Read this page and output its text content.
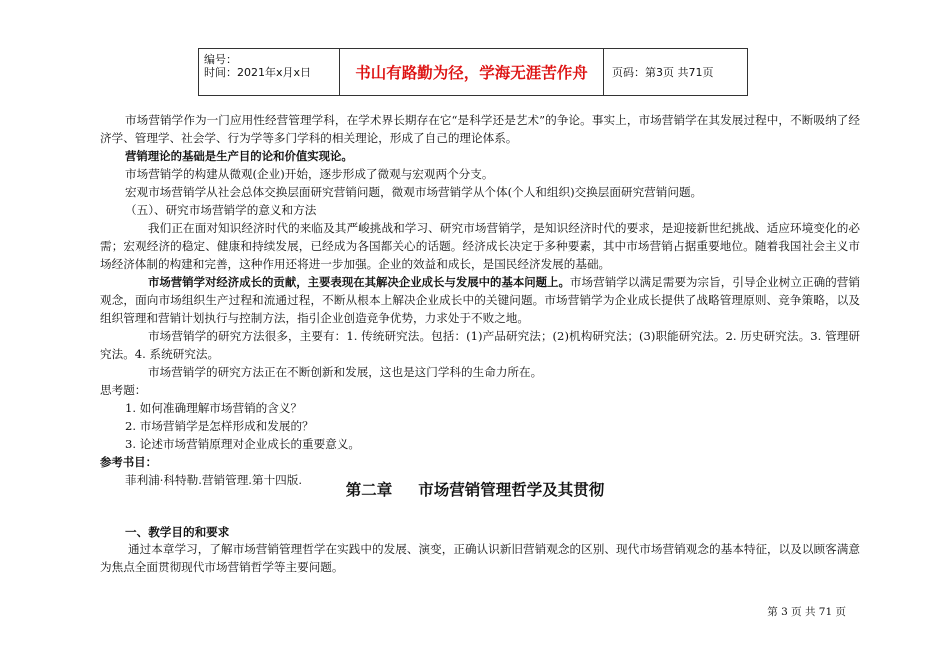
编号：
时间：2021年x月x日	书山有路勤为径，学海无涯苦作舟	页码：第3页 共71页

市场营销学作为一门应用性经营管理学科，在学术界长期存在它“是科学还是艺术”的争论。事实上，市场营销学在其发展过程中，不断吸纳了经济学、管理学、社会学、行为学等多门学科的相关理论，形成了自己的理论体系。

营销理论的基础是生产目的论和价值实现论。

市场营销学的构建从微观(企业)开始，逐步形成了微观与宏观两个分支。

宏观市场营销学从社会总体交换层面研究营销问题，微观市场营销学从个体(个人和组织)交换层面研究营销问题。

（五）、研究市场营销学的意义和方法

我们正在面对知识经济时代的来临及其严峻挑战和学习、研究市场营销学，是知识经济时代的要求，是迎接新世纪挑战、适应环境变化的必需；宏观经济的稳定、健康和持续发展，已经成为各国都关心的话题。经济成长决定于多种要素，其中市场营销占据重要地位。随着我国社会主义市场经济体制的构建和完善，这种作用还将进一步加强。企业的效益和成长，是国民经济发展的基础。

市场营销学对经济成长的贡献，主要表现在其解决企业成长与发展中的基本问题上。市场营销学以满足需要为宗旨，引导企业树立正确的营销观念，面向市场组织生产过程和流通过程，不断从根本上解决企业成长中的关键问题。市场营销学为企业成长提供了战略管理原则、竞争策略，以及组织管理和营销计划执行与控制方法，指引企业创造竞争优势，力求处于不败之地。

市场营销学的研究方法很多，主要有：1. 传统研究法。包括：(1)产品研究法；(2)机构研究法；(3)职能研究法。2. 历史研究法。3. 管理研究法。4. 系统研究法。

市场营销学的研究方法正在不断创新和发展，这也是这门学科的生命力所在。

思考题：

1. 如何准确理解市场营销的含义？

2. 市场营销学是怎样形成和发展的？

3. 论述市场营销原理对企业成长的重要意义。

参考书目：

菲利浦·科特勒.营销管理.第十四版.

第二章 市场营销管理哲学及其贯彻
一、教学目的和要求

通过本章学习，了解市场营销管理哲学在实践中的发展、演变，正确认识新旧营销观念的区别、现代市场营销观念的基本特征，以及以顾客满意为焦点全面贯彻现代市场营销哲学等主要问题。

第 3 页 共 71 页
